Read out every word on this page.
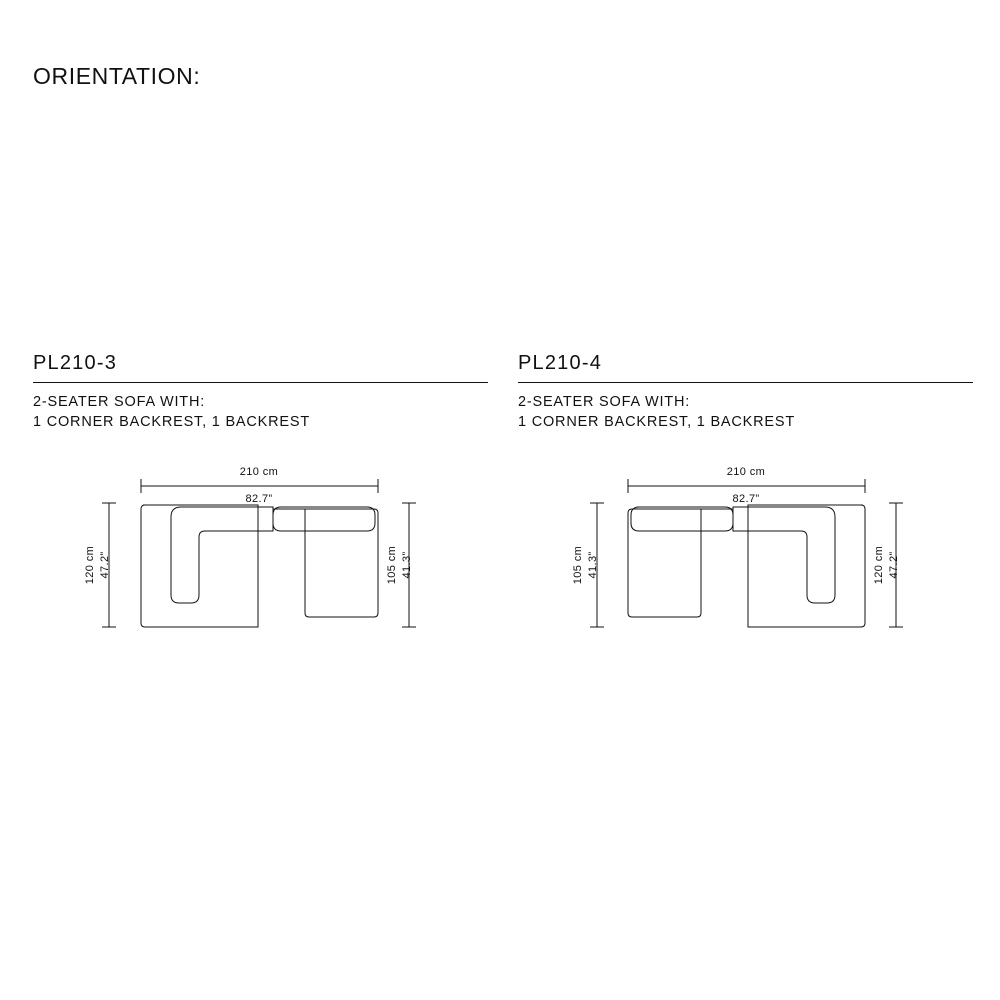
ORIENTATION:
PL210-3
2-SEATER SOFA WITH:
1 CORNER BACKREST, 1 BACKREST
210 cm
82.7”
120 cm 47.2”	105 cm 41.3”
PL210-4
2-SEATER SOFA WITH:
1 CORNER BACKREST, 1 BACKREST
210 cm
82.7”
105 cm 41.3”	120 cm 47.2”
